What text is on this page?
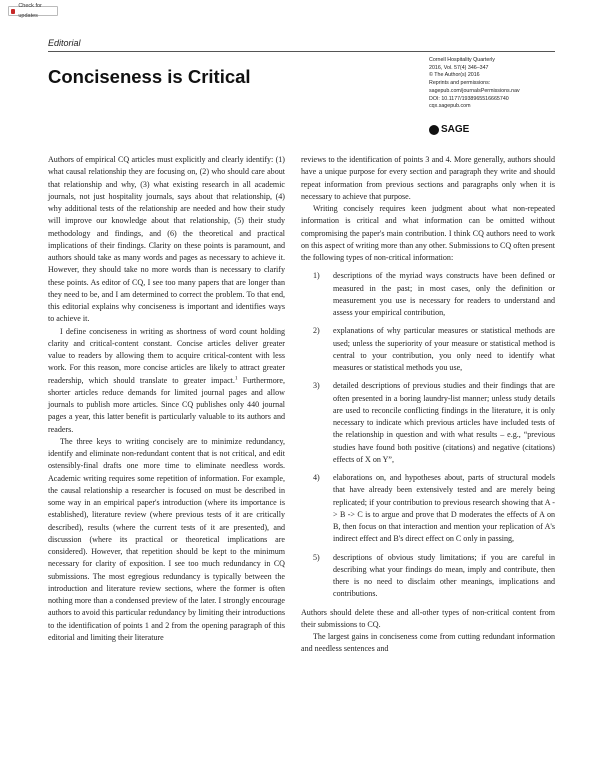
Check for updates
Editorial
Conciseness is Critical
Cornell Hospitality Quarterly
2016, Vol. 57(4) 346–347
© The Author(s) 2016
Reprints and permissions:
sagepub.com/journalsPermissions.nav
DOI: 10.1177/1938965516665740
cqx.sagepub.com
SAGE

Authors of empirical CQ articles must explicitly and clearly identify: (1) what causal relationship they are focusing on, (2) who should care about that relationship and why, (3) what existing research in all academic journals, not just hospitality journals, says about that relationship, (4) why additional tests of the relationship are needed and how their study will improve our knowledge about that relationship, (5) their study methodology and findings, and (6) the theoretical and practical implications of their findings. Clarity on these points is paramount, and authors should take as many words and pages as necessary to achieve it. However, they should take no more words than is necessary to clarify these points. As editor of CQ, I see too many papers that are longer than they need to be, and I am determined to correct the problem. To that end, this editorial explains why conciseness is important and identifies ways to achieve it.

I define conciseness in writing as shortness of word count holding clarity and critical-content constant. Concise articles deliver greater value to readers by allowing them to acquire critical-content with less work. For this reason, more concise articles are likely to attract greater readership, which should translate to greater impact.$^1$ Furthermore, shorter articles reduce demands for limited journal pages and allow journals to publish more articles. Since CQ publishes only 440 journal pages a year, this latter benefit is particularly valuable to its authors and readers.

The three keys to writing concisely are to minimize redundancy, identify and eliminate non-redundant content that is not critical, and edit ostensibly-final drafts one more time to eliminate needless words. Academic writing requires some repetition of information. For example, the causal relationship a researcher is focused on must be described in some way in an empirical paper's introduction (where its importance is established), literature review (where previous tests of it are critically described), results (where the current tests of it are presented), and discussion (where its practical or theoretical implications are considered). However, that repetition should be kept to the minimum necessary for clarity of exposition. I see too much redundancy in CQ submissions. The most egregious redundancy is typically between the introduction and literature review sections, where the former is often nothing more than a condensed preview of the later. I strongly encourage authors to avoid this particular redundancy by limiting their introductions to the identification of points 1 and 2 from the opening paragraph of this editorial and limiting their literature

reviews to the identification of points 3 and 4. More generally, authors should have a unique purpose for every section and paragraph they write and should repeat information from previous sections and paragraphs only when it is necessary to achieve that purpose.

Writing concisely requires keen judgment about what non-repeated information is critical and what information can be omitted without compromising the paper's main contribution. I think CQ authors need to work on this aspect of writing more than any other. Submissions to CQ often present the following types of non-critical information:

1)	descriptions of the myriad ways constructs have been defined or measured in the past; in most cases, only the definition or measurement you use is necessary for readers to understand and assess your empirical contribution,
2)	explanations of why particular measures or statistical methods are used; unless the superiority of your measure or statistical method is central to your contribution, you only need to identify what measures or statistical methods you use,
3)	detailed descriptions of previous studies and their findings that are often presented in a boring laundry-list manner; unless study details are used to reconcile conflicting findings in the literature, it is only necessary to indicate which previous articles have included tests of the relationship in question and with what results – e.g., “previous studies have found both positive (citations) and negative (citations) effects of X on Y”,
4)	elaborations on, and hypotheses about, parts of structural models that have already been extensively tested and are merely being replicated; if your contribution to previous research showing that A -> B -> C is to argue and prove that D moderates the effects of A on B, then focus on that interaction and mention your replication of A's indirect effect and B's direct effect on C only in passing,
5)	descriptions of obvious study limitations; if you are careful in describing what your findings do mean, imply and contribute, then there is no need to disclaim other meanings, implications and contributions.

Authors should delete these and all-other types of non-critical content from their submissions to CQ.

The largest gains in conciseness come from cutting redundant information and needless sentences and
